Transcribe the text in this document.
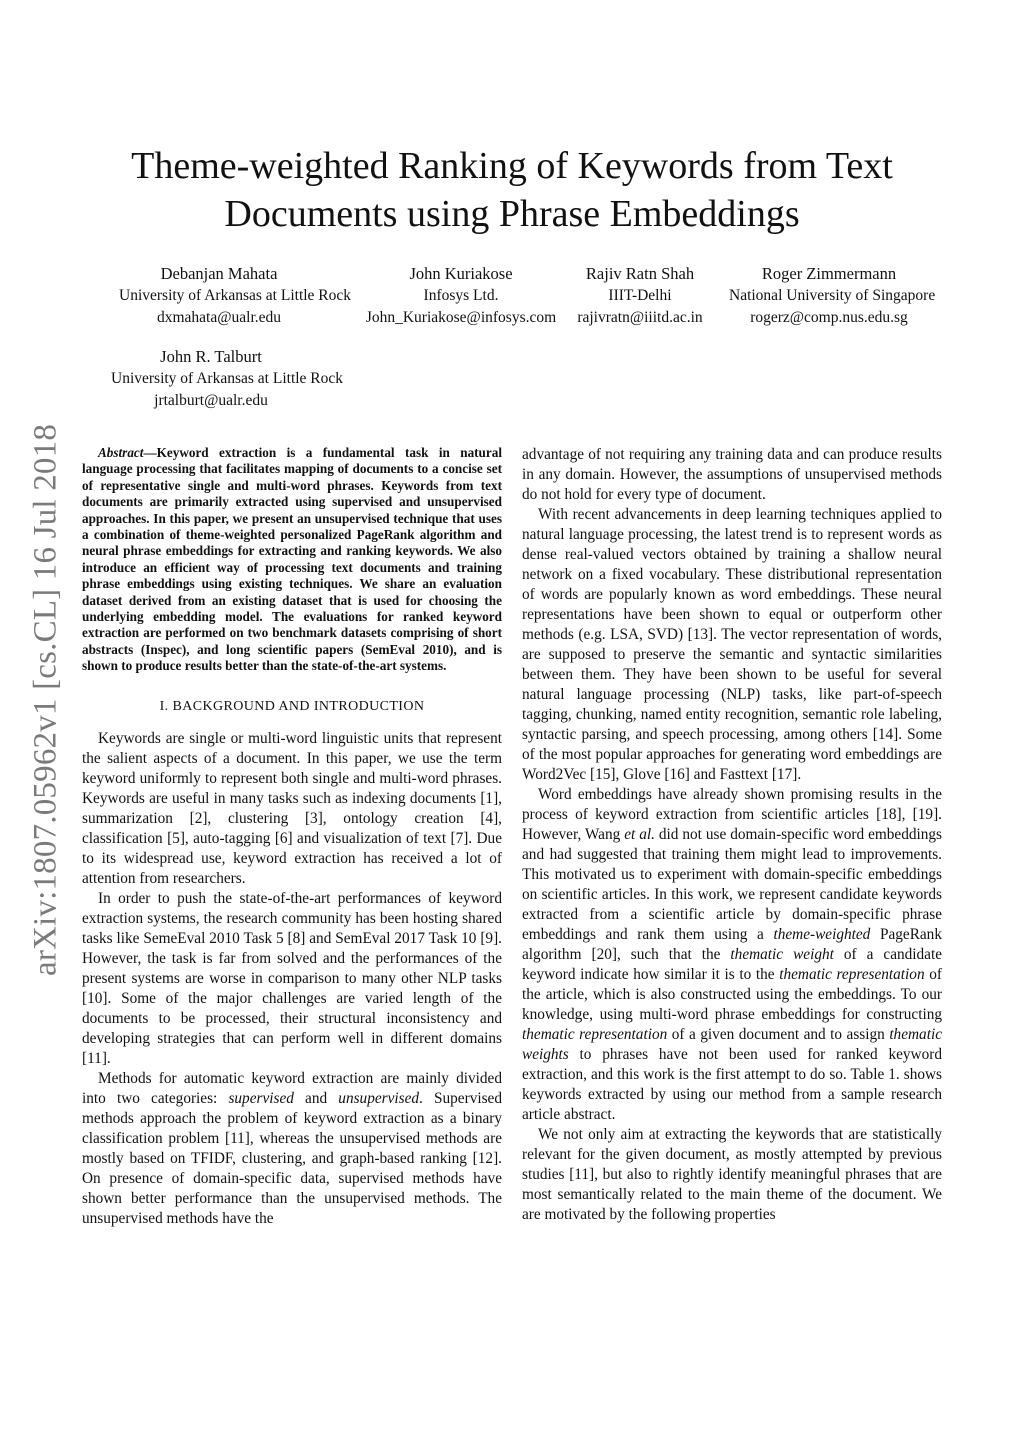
arXiv:1807.05962v1 [cs.CL] 16 Jul 2018
Theme-weighted Ranking of Keywords from Text
Documents using Phrase Embeddings
Debanjan Mahata
University of Arkansas at Little Rock
dxmahata@ualr.edu
John Kuriakose
Infosys Ltd.
John_Kuriakose@infosys.com
Rajiv Ratn Shah
IIIT-Delhi
rajivratn@iiitd.ac.in
Roger Zimmermann
National University of Singapore
rogerz@comp.nus.edu.sg
John R. Talburt
University of Arkansas at Little Rock
jrtalburt@ualr.edu

Abstract—Keyword extraction is a fundamental task in natural language processing that facilitates mapping of documents to a concise set of representative single and multi-word phrases. Keywords from text documents are primarily extracted using supervised and unsupervised approaches. In this paper, we present an unsupervised technique that uses a combination of theme-weighted personalized PageRank algorithm and neural phrase embeddings for extracting and ranking keywords. We also introduce an efficient way of processing text documents and training phrase embeddings using existing techniques. We share an evaluation dataset derived from an existing dataset that is used for choosing the underlying embedding model. The evaluations for ranked keyword extraction are performed on two benchmark datasets comprising of short abstracts (Inspec), and long scientific papers (SemEval 2010), and is shown to produce results better than the state-of-the-art systems.

I. BACKGROUND AND INTRODUCTION

Keywords are single or multi-word linguistic units that represent the salient aspects of a document. In this paper, we use the term keyword uniformly to represent both single and multi-word phrases. Keywords are useful in many tasks such as indexing documents [1], summarization [2], clustering [3], ontology creation [4], classification [5], auto-tagging [6] and visualization of text [7]. Due to its widespread use, keyword extraction has received a lot of attention from researchers.

In order to push the state-of-the-art performances of keyword extraction systems, the research community has been hosting shared tasks like SemeEval 2010 Task 5 [8] and SemEval 2017 Task 10 [9]. However, the task is far from solved and the performances of the present systems are worse in comparison to many other NLP tasks [10]. Some of the major challenges are varied length of the documents to be processed, their structural inconsistency and developing strategies that can perform well in different domains [11].

Methods for automatic keyword extraction are mainly divided into two categories: supervised and unsupervised. Supervised methods approach the problem of keyword extraction as a binary classification problem [11], whereas the unsupervised methods are mostly based on TFIDF, clustering, and graph-based ranking [12]. On presence of domain-specific data, supervised methods have shown better performance than the unsupervised methods. The unsupervised methods have the

advantage of not requiring any training data and can produce results in any domain. However, the assumptions of unsupervised methods do not hold for every type of document.

With recent advancements in deep learning techniques applied to natural language processing, the latest trend is to represent words as dense real-valued vectors obtained by training a shallow neural network on a fixed vocabulary. These distributional representation of words are popularly known as word embeddings. These neural representations have been shown to equal or outperform other methods (e.g. LSA, SVD) [13]. The vector representation of words, are supposed to preserve the semantic and syntactic similarities between them. They have been shown to be useful for several natural language processing (NLP) tasks, like part-of-speech tagging, chunking, named entity recognition, semantic role labeling, syntactic parsing, and speech processing, among others [14]. Some of the most popular approaches for generating word embeddings are Word2Vec [15], Glove [16] and Fasttext [17].

Word embeddings have already shown promising results in the process of keyword extraction from scientific articles [18], [19]. However, Wang et al. did not use domain-specific word embeddings and had suggested that training them might lead to improvements. This motivated us to experiment with domain-specific embeddings on scientific articles. In this work, we represent candidate keywords extracted from a scientific article by domain-specific phrase embeddings and rank them using a theme-weighted PageRank algorithm [20], such that the thematic weight of a candidate keyword indicate how similar it is to the thematic representation of the article, which is also constructed using the embeddings. To our knowledge, using multi-word phrase embeddings for constructing thematic representation of a given document and to assign thematic weights to phrases have not been used for ranked keyword extraction, and this work is the first attempt to do so. Table 1. shows keywords extracted by using our method from a sample research article abstract.

We not only aim at extracting the keywords that are statistically relevant for the given document, as mostly attempted by previous studies [11], but also to rightly identify meaningful phrases that are most semantically related to the main theme of the document. We are motivated by the following properties
